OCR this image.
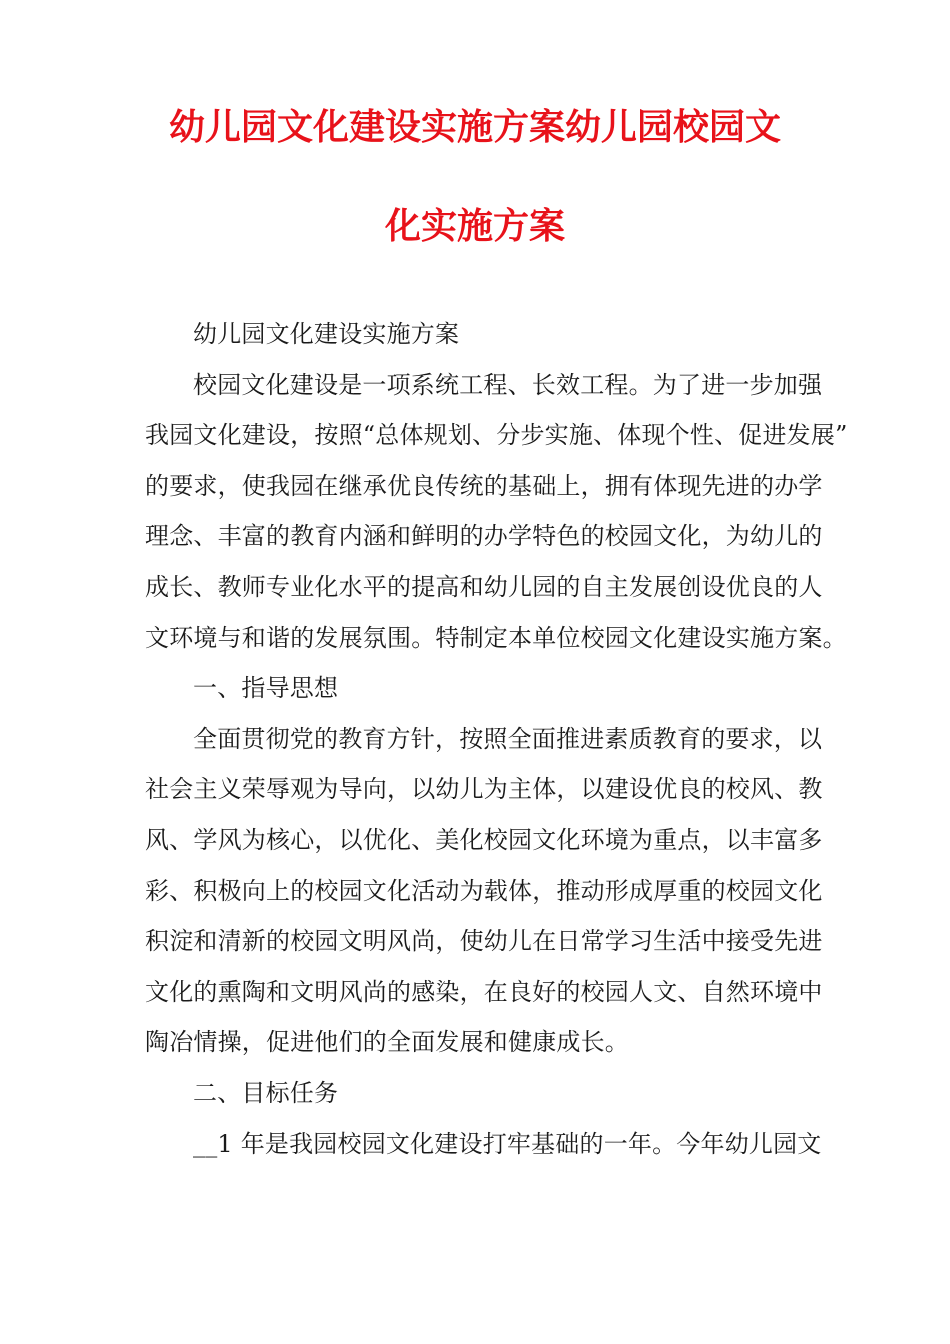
幼儿园文化建设实施方案幼儿园校园文
化实施方案
幼儿园文化建设实施方案
校园文化建设是一项系统工程、长效工程。为了进一步加强
我园文化建设，按照“总体规划、分步实施、体现个性、促进发展”
的要求，使我园在继承优良传统的基础上，拥有体现先进的办学
理念、丰富的教育内涵和鲜明的办学特色的校园文化，为幼儿的
成长、教师专业化水平的提高和幼儿园的自主发展创设优良的人
文环境与和谐的发展氛围。特制定本单位校园文化建设实施方案。
一、指导思想
全面贯彻党的教育方针，按照全面推进素质教育的要求，以
社会主义荣辱观为导向，以幼儿为主体，以建设优良的校风、教
风、学风为核心，以优化、美化校园文化环境为重点，以丰富多
彩、积极向上的校园文化活动为载体，推动形成厚重的校园文化
积淀和清新的校园文明风尚，使幼儿在日常学习生活中接受先进
文化的熏陶和文明风尚的感染，在良好的校园人文、自然环境中
陶冶情操，促进他们的全面发展和健康成长。
二、目标任务
__1 年是我园校园文化建设打牢基础的一年。今年幼儿园文
